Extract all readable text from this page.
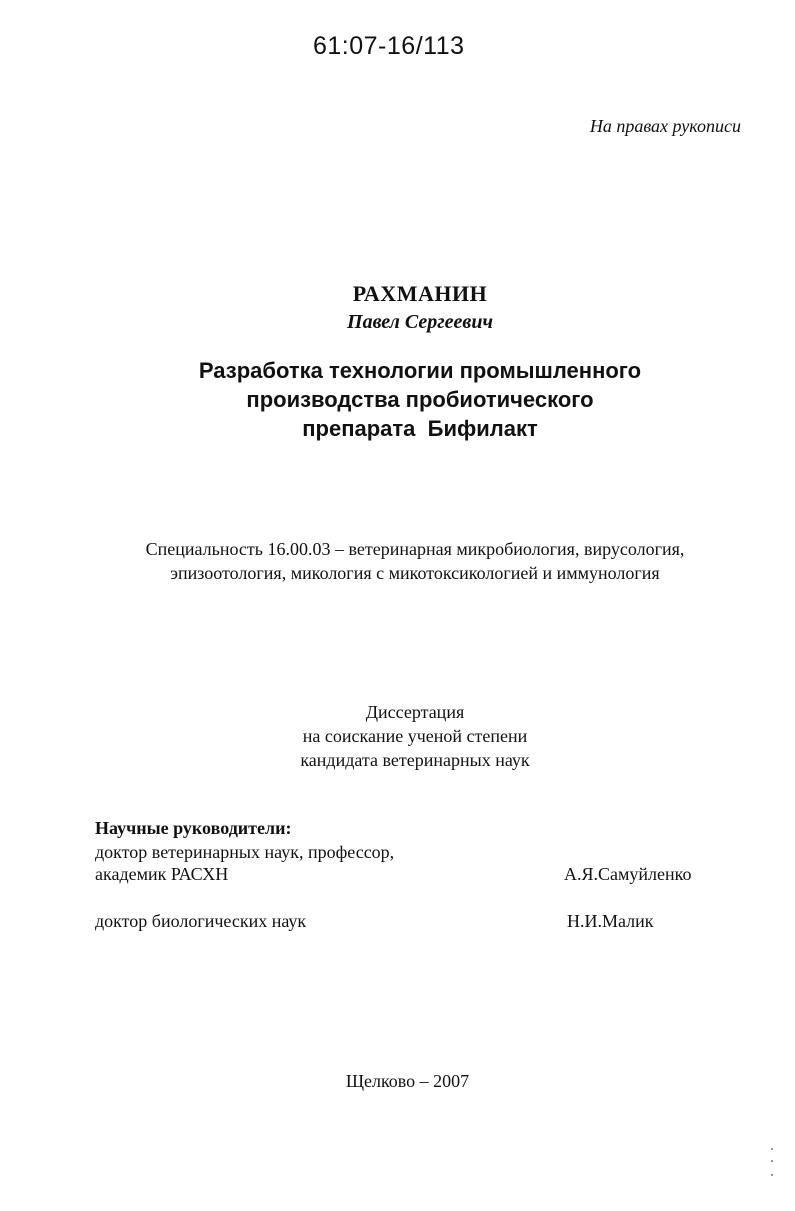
61:07-16/113
На правах рукописи
РАХМАНИН
Павел Сергеевич
Разработка технологии промышленного
производства пробиотического
препарата  Бифилакт
Специальность 16.00.03 – ветеринарная микробиология, вирусология,
эпизоотология, микология с микотоксикологией и иммунология
Диссертация
на соискание ученой степени
кандидата ветеринарных наук
Научные руководители:
доктор ветеринарных наук, профессор,
академик РАСХН	А.Я.Самуйленко
доктор биологических наук	Н.И.Малик
Щелково – 2007
